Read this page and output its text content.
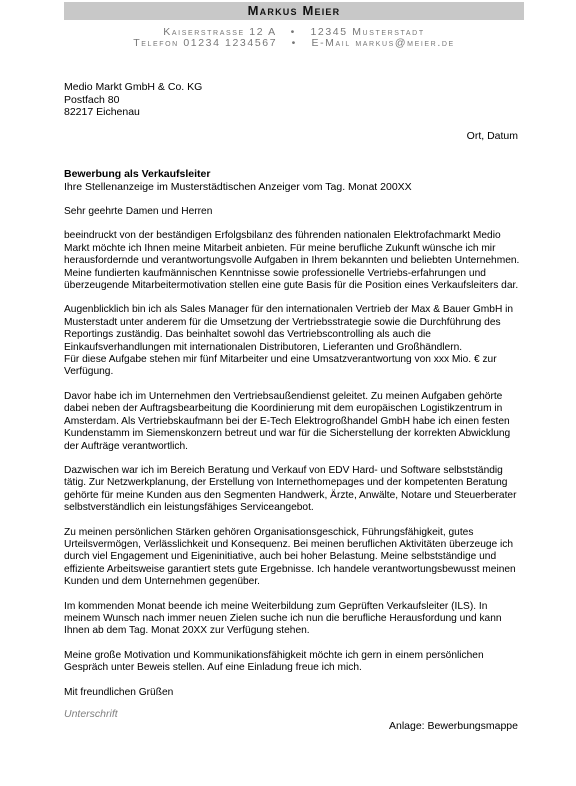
Markus Meier
Kaiserstrasse 12 A • 12345 Musterstadt
Telefon 01234 1234567 • E-Mail markus@meier.de
Medio Markt GmbH & Co. KG
Postfach 80
82217 Eichenau
Ort, Datum
Bewerbung als Verkaufsleiter
Ihre Stellenanzeige im Musterstädtischen Anzeiger vom Tag. Monat 200XX

Sehr geehrte Damen und Herren

beeindruckt von der beständigen Erfolgsbilanz des führenden nationalen Elektrofachmarkt Medio Markt möchte ich Ihnen meine Mitarbeit anbieten. Für meine berufliche Zukunft wünsche ich mir herausfordernde und verantwortungsvolle Aufgaben in Ihrem bekannten und beliebten Unternehmen. Meine fundierten kaufmännischen Kenntnisse sowie professionelle Vertriebs-erfahrungen und überzeugende Mitarbeitermotivation stellen eine gute Basis für die Position eines Verkaufsleiters dar.

Augenblicklich bin ich als Sales Manager für den internationalen Vertrieb der Max & Bauer GmbH in Musterstadt unter anderem für die Umsetzung der Vertriebsstrategie sowie die Durchführung des Reportings zuständig. Das beinhaltet sowohl das Vertriebscontrolling als auch die Einkaufsverhandlungen mit internationalen Distributoren, Lieferanten und Großhändlern.

Für diese Aufgabe stehen mir fünf Mitarbeiter und eine Umsatzverantwortung von xxx Mio. € zur Verfügung.

Davor habe ich im Unternehmen den Vertriebsaußendienst geleitet. Zu meinen Aufgaben gehörte dabei neben der Auftragsbearbeitung die Koordinierung mit dem europäischen Logistikzentrum in Amsterdam. Als Vertriebskaufmann bei der E-Tech Elektrogroßhandel GmbH habe ich einen festen Kundenstamm im Siemenskonzern betreut und war für die Sicherstellung der korrekten Abwicklung der Aufträge verantwortlich.

Dazwischen war ich im Bereich Beratung und Verkauf von EDV Hard- und Software selbstständig tätig. Zur Netzwerkplanung, der Erstellung von Internethomepages und der kompetenten Beratung gehörte für meine Kunden aus den Segmenten Handwerk, Ärzte, Anwälte, Notare und Steuerberater selbstverständlich ein leistungsfähiges Serviceangebot.

Zu meinen persönlichen Stärken gehören Organisationsgeschick, Führungsfähigkeit, gutes Urteilsvermögen, Verlässlichkeit und Konsequenz. Bei meinen beruflichen Aktivitäten überzeuge ich durch viel Engagement und Eigeninitiative, auch bei hoher Belastung. Meine selbstständige und effiziente Arbeitsweise garantiert stets gute Ergebnisse. Ich handele verantwortungsbewusst meinen Kunden und dem Unternehmen gegenüber.

Im kommenden Monat beende ich meine Weiterbildung zum Geprüften Verkaufsleiter (ILS). In meinem Wunsch nach immer neuen Zielen suche ich nun die berufliche Herausfordung und kann Ihnen ab dem Tag. Monat 20XX zur Verfügung stehen.

Meine große Motivation und Kommunikationsfähigkeit möchte ich gern in einem persönlichen Gespräch unter Beweis stellen. Auf eine Einladung freue ich mich.

Mit freundlichen Grüßen

Unterschrift
Anlage: Bewerbungsmappe
